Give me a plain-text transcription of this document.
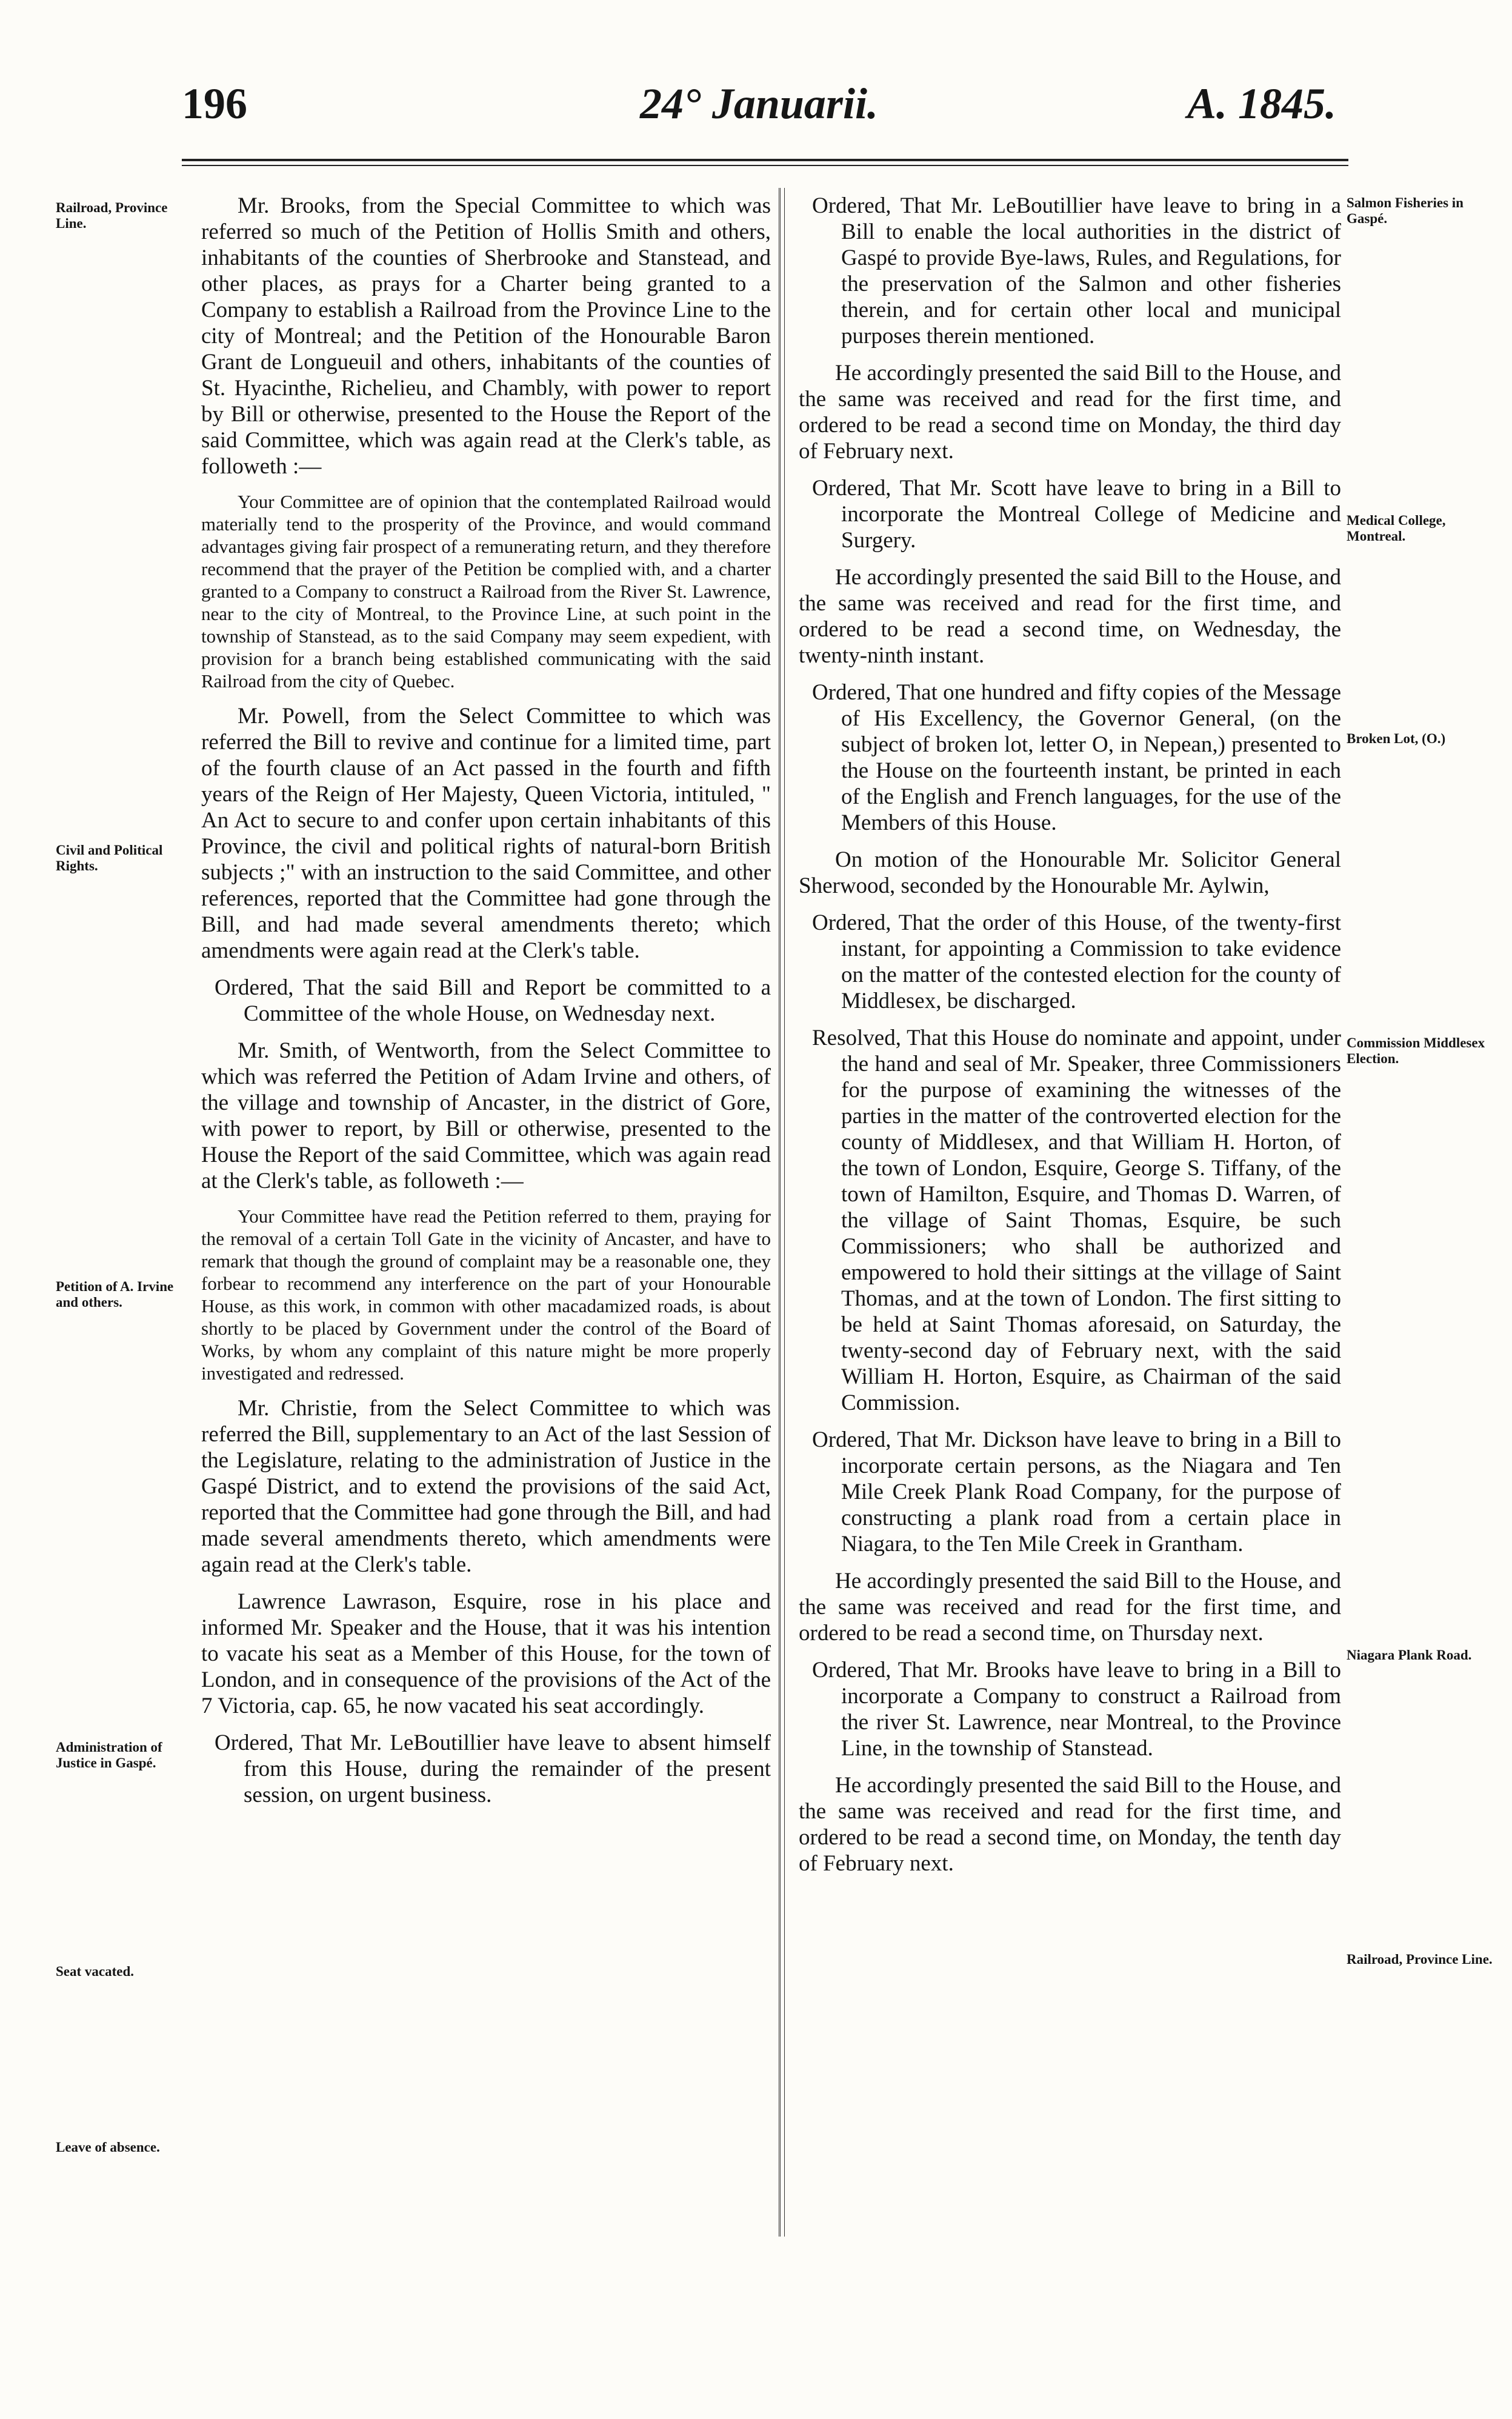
196	24° Januarii.	A. 1845.

Mr. Brooks, from the Special Committee to which was referred so much of the Petition of Hollis Smith and others, inhabitants of the counties of Sherbrooke and Stanstead, and other places, as prays for a Charter being granted to a Company to establish a Railroad from the Province Line to the city of Montreal; and the Petition of the Honourable Baron Grant de Longueuil and others, inhabitants of the counties of St. Hyacinthe, Richelieu, and Chambly, with power to report by Bill or otherwise, presented to the House the Report of the said Committee, which was again read at the Clerk's table, as followeth :—

Your Committee are of opinion that the contemplated Railroad would materially tend to the prosperity of the Province, and would command advantages giving fair prospect of a remunerating return, and they therefore recommend that the prayer of the Petition be complied with, and a charter granted to a Company to construct a Railroad from the River St. Lawrence, near to the city of Montreal, to the Province Line, at such point in the township of Stanstead, as to the said Company may seem expedient, with provision for a branch being established communicating with the said Railroad from the city of Quebec.

Mr. Powell, from the Select Committee to which was referred the Bill to revive and continue for a limited time, part of the fourth clause of an Act passed in the fourth and fifth years of the Reign of Her Majesty, Queen Victoria, intituled, " An Act to secure to and confer upon certain inhabitants of this Province, the civil and political rights of natural-born British subjects ;" with an instruction to the said Committee, and other references, reported that the Committee had gone through the Bill, and had made several amendments thereto; which amendments were again read at the Clerk's table.

Ordered, That the said Bill and Report be committed to a Committee of the whole House, on Wednesday next.

Mr. Smith, of Wentworth, from the Select Committee to which was referred the Petition of Adam Irvine and others, of the village and township of Ancaster, in the district of Gore, with power to report, by Bill or otherwise, presented to the House the Report of the said Committee, which was again read at the Clerk's table, as followeth :—

Your Committee have read the Petition referred to them, praying for the removal of a certain Toll Gate in the vicinity of Ancaster, and have to remark that though the ground of complaint may be a reasonable one, they forbear to recommend any interference on the part of your Honourable House, as this work, in common with other macadamized roads, is about shortly to be placed by Government under the control of the Board of Works, by whom any complaint of this nature might be more properly investigated and redressed.

Mr. Christie, from the Select Committee to which was referred the Bill, supplementary to an Act of the last Session of the Legislature, relating to the administration of Justice in the Gaspé District, and to extend the provisions of the said Act, reported that the Committee had gone through the Bill, and had made several amendments thereto, which amendments were again read at the Clerk's table.

Lawrence Lawrason, Esquire, rose in his place and informed Mr. Speaker and the House, that it was his intention to vacate his seat as a Member of this House, for the town of London, and in consequence of the provisions of the Act of the 7 Victoria, cap. 65, he now vacated his seat accordingly.

Ordered, That Mr. LeBoutillier have leave to absent himself from this House, during the remainder of the present session, on urgent business.

Ordered, That Mr. LeBoutillier have leave to bring in a Bill to enable the local authorities in the district of Gaspé to provide Bye-laws, Rules, and Regulations, for the preservation of the Salmon and other fisheries therein, and for certain other local and municipal purposes therein mentioned.

He accordingly presented the said Bill to the House, and the same was received and read for the first time, and ordered to be read a second time on Monday, the third day of February next.

Ordered, That Mr. Scott have leave to bring in a Bill to incorporate the Montreal College of Medicine and Surgery.

He accordingly presented the said Bill to the House, and the same was received and read for the first time, and ordered to be read a second time, on Wednesday, the twenty-ninth instant.

Ordered, That one hundred and fifty copies of the Message of His Excellency, the Governor General, (on the subject of broken lot, letter O, in Nepean,) presented to the House on the fourteenth instant, be printed in each of the English and French languages, for the use of the Members of this House.

On motion of the Honourable Mr. Solicitor General Sherwood, seconded by the Honourable Mr. Aylwin,

Ordered, That the order of this House, of the twenty-first instant, for appointing a Commission to take evidence on the matter of the contested election for the county of Middlesex, be discharged.

Resolved, That this House do nominate and appoint, under the hand and seal of Mr. Speaker, three Commissioners for the purpose of examining the witnesses of the parties in the matter of the controverted election for the county of Middlesex, and that William H. Horton, of the town of London, Esquire, George S. Tiffany, of the town of Hamilton, Esquire, and Thomas D. Warren, of the village of Saint Thomas, Esquire, be such Commissioners; who shall be authorized and empowered to hold their sittings at the village of Saint Thomas, and at the town of London. The first sitting to be held at Saint Thomas aforesaid, on Saturday, the twenty-second day of February next, with the said William H. Horton, Esquire, as Chairman of the said Commission.

Ordered, That Mr. Dickson have leave to bring in a Bill to incorporate certain persons, as the Niagara and Ten Mile Creek Plank Road Company, for the purpose of constructing a plank road from a certain place in Niagara, to the Ten Mile Creek in Grantham.

He accordingly presented the said Bill to the House, and the same was received and read for the first time, and ordered to be read a second time, on Thursday next.

Ordered, That Mr. Brooks have leave to bring in a Bill to incorporate a Company to construct a Railroad from the river St. Lawrence, near Montreal, to the Province Line, in the township of Stanstead.

He accordingly presented the said Bill to the House, and the same was received and read for the first time, and ordered to be read a second time, on Monday, the tenth day of February next.

Railroad, Province Line.
Civil and Political Rights.
Petition of A. Irvine and others.
Administration of Justice in Gaspé.
Seat vacated.
Leave of absence.
Salmon Fisheries in Gaspé.
Medical College, Montreal.
Broken Lot, (O.)
Commission Middlesex Election.
Niagara Plank Road.
Railroad, Province Line.
